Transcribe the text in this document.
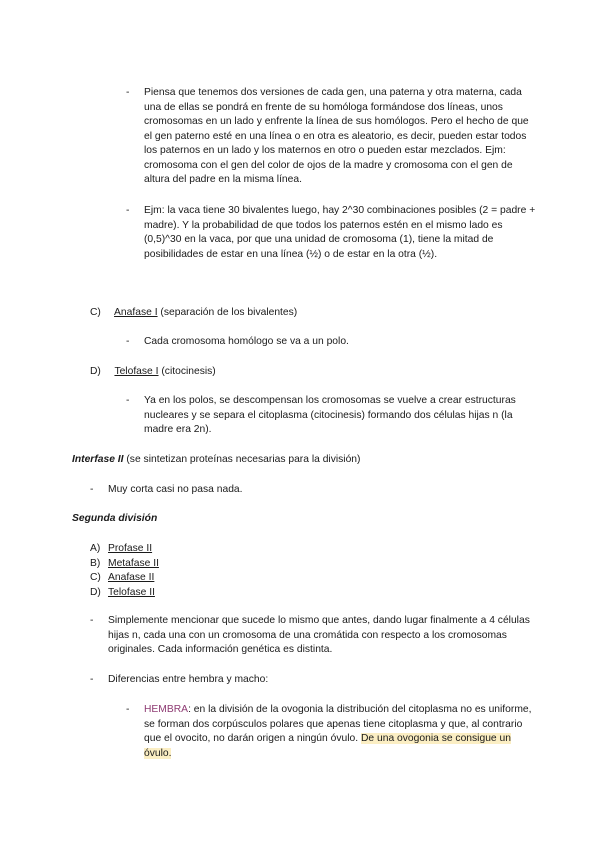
-	Piensa que tenemos dos versiones de cada gen, una paterna y otra materna, cada una de ellas se pondrá en frente de su homóloga formándose dos líneas, unos cromosomas en un lado y enfrente la línea de sus homólogos. Pero el hecho de que el gen paterno esté en una línea o en otra es aleatorio, es decir, pueden estar todos los paternos en un lado y los maternos en otro o pueden estar mezclados. Ejm: cromosoma con el gen del color de ojos de la madre y cromosoma con el gen de altura del padre en la misma línea.
-	Ejm: la vaca tiene 30 bivalentes luego, hay 2^30 combinaciones posibles (2 = padre + madre). Y la probabilidad de que todos los paternos estén en el mismo lado es (0,5)^30 en la vaca, por que una unidad de cromosoma (1), tiene la mitad de posibilidades de estar en una línea (½) o de estar en la otra (½).
C) Anafase I (separación de los bivalentes)
-	Cada cromosoma homólogo se va a un polo.
D) Telofase I (citocinesis)
-	Ya en los polos, se descompensan los cromosomas se vuelve a crear estructuras nucleares y se separa el citoplasma (citocinesis) formando dos células hijas n (la madre era 2n).
Interfase II (se sintetizan proteínas necesarias para la división)
-	Muy corta casi no pasa nada.
Segunda división
A) Profase II
B) Metafase II
C) Anafase II
D) Telofase II
-	Simplemente mencionar que sucede lo mismo que antes, dando lugar finalmente a 4 células hijas n, cada una con un cromosoma de una cromátida con respecto a los cromosomas originales. Cada información genética es distinta.
-	Diferencias entre hembra y macho:
-	HEMBRA: en la división de la ovogonia la distribución del citoplasma no es uniforme, se forman dos corpúsculos polares que apenas tiene citoplasma y que, al contrario que el ovocito, no darán origen a ningún óvulo. De una ovogonia se consigue un óvulo.
